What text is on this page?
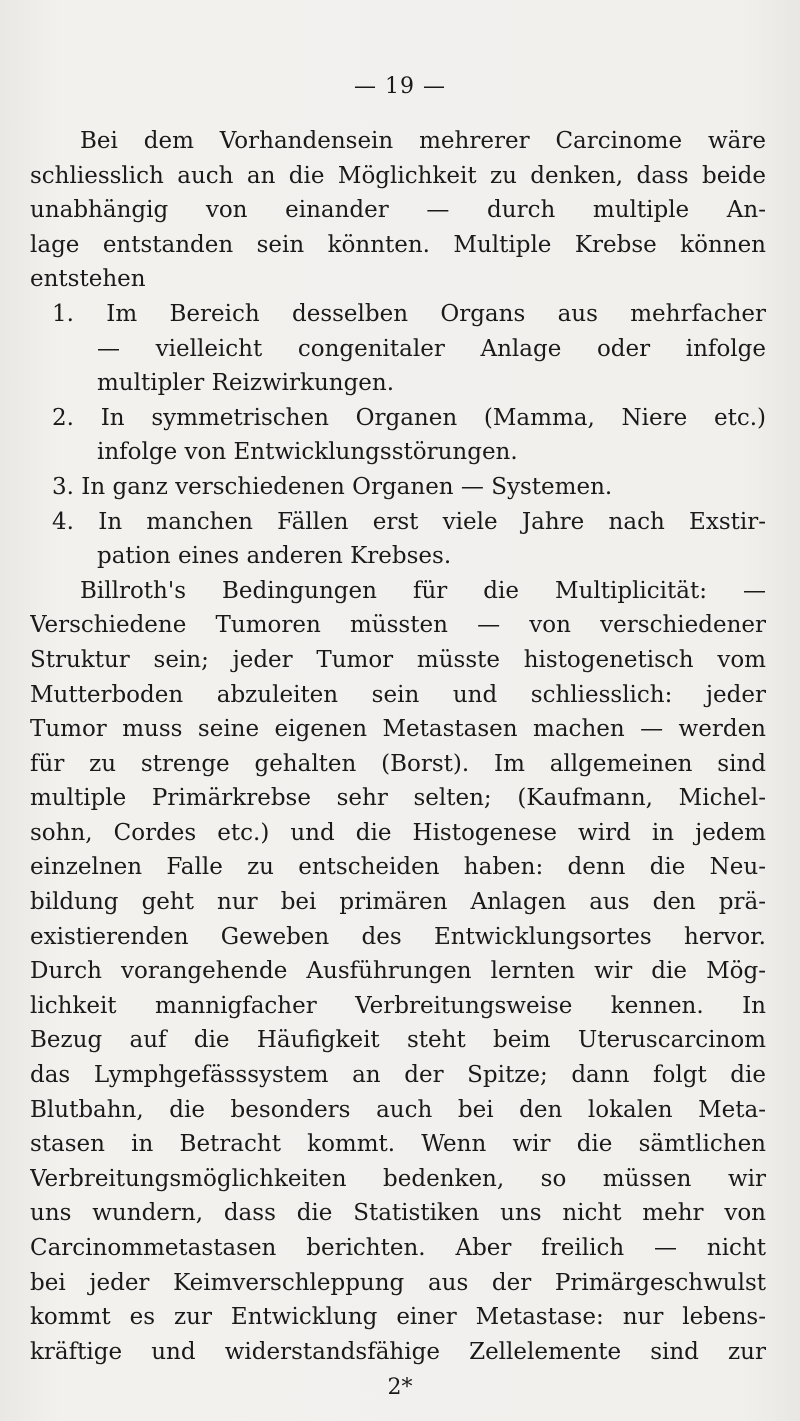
— 19 —
Bei dem Vorhandensein mehrerer Carcinome wäre
schliesslich auch an die Möglichkeit zu denken, dass beide
unabhängig von einander — durch multiple An-
lage entstanden sein könnten. Multiple Krebse können
entstehen
1. Im Bereich desselben Organs aus mehrfacher
— vielleicht congenitaler Anlage oder infolge
multipler Reizwirkungen.
2. In symmetrischen Organen (Mamma, Niere etc.)
infolge von Entwicklungsstörungen.
3. In ganz verschiedenen Organen — Systemen.
4. In manchen Fällen erst viele Jahre nach Exstir-
pation eines anderen Krebses.
Billroth's Bedingungen für die Multiplicität: —
Verschiedene Tumoren müssten — von verschiedener
Struktur sein; jeder Tumor müsste histogenetisch vom
Mutterboden abzuleiten sein und schliesslich: jeder
Tumor muss seine eigenen Metastasen machen — werden
für zu strenge gehalten (Borst). Im allgemeinen sind
multiple Primärkrebse sehr selten; (Kaufmann, Michel-
sohn, Cordes etc.) und die Histogenese wird in jedem
einzelnen Falle zu entscheiden haben: denn die Neu-
bildung geht nur bei primären Anlagen aus den prä-
existierenden Geweben des Entwicklungsortes hervor.
Durch vorangehende Ausführungen lernten wir die Mög-
lichkeit mannigfacher Verbreitungsweise kennen. In
Bezug auf die Häufigkeit steht beim Uteruscarcinom
das Lymphgefässsystem an der Spitze; dann folgt die
Blutbahn, die besonders auch bei den lokalen Meta-
stasen in Betracht kommt. Wenn wir die sämtlichen
Verbreitungsmöglichkeiten bedenken, so müssen wir
uns wundern, dass die Statistiken uns nicht mehr von
Carcinommetastasen berichten. Aber freilich — nicht
bei jeder Keimverschleppung aus der Primärgeschwulst
kommt es zur Entwicklung einer Metastase: nur lebens-
kräftige und widerstandsfähige Zellelemente sind zur
2*
